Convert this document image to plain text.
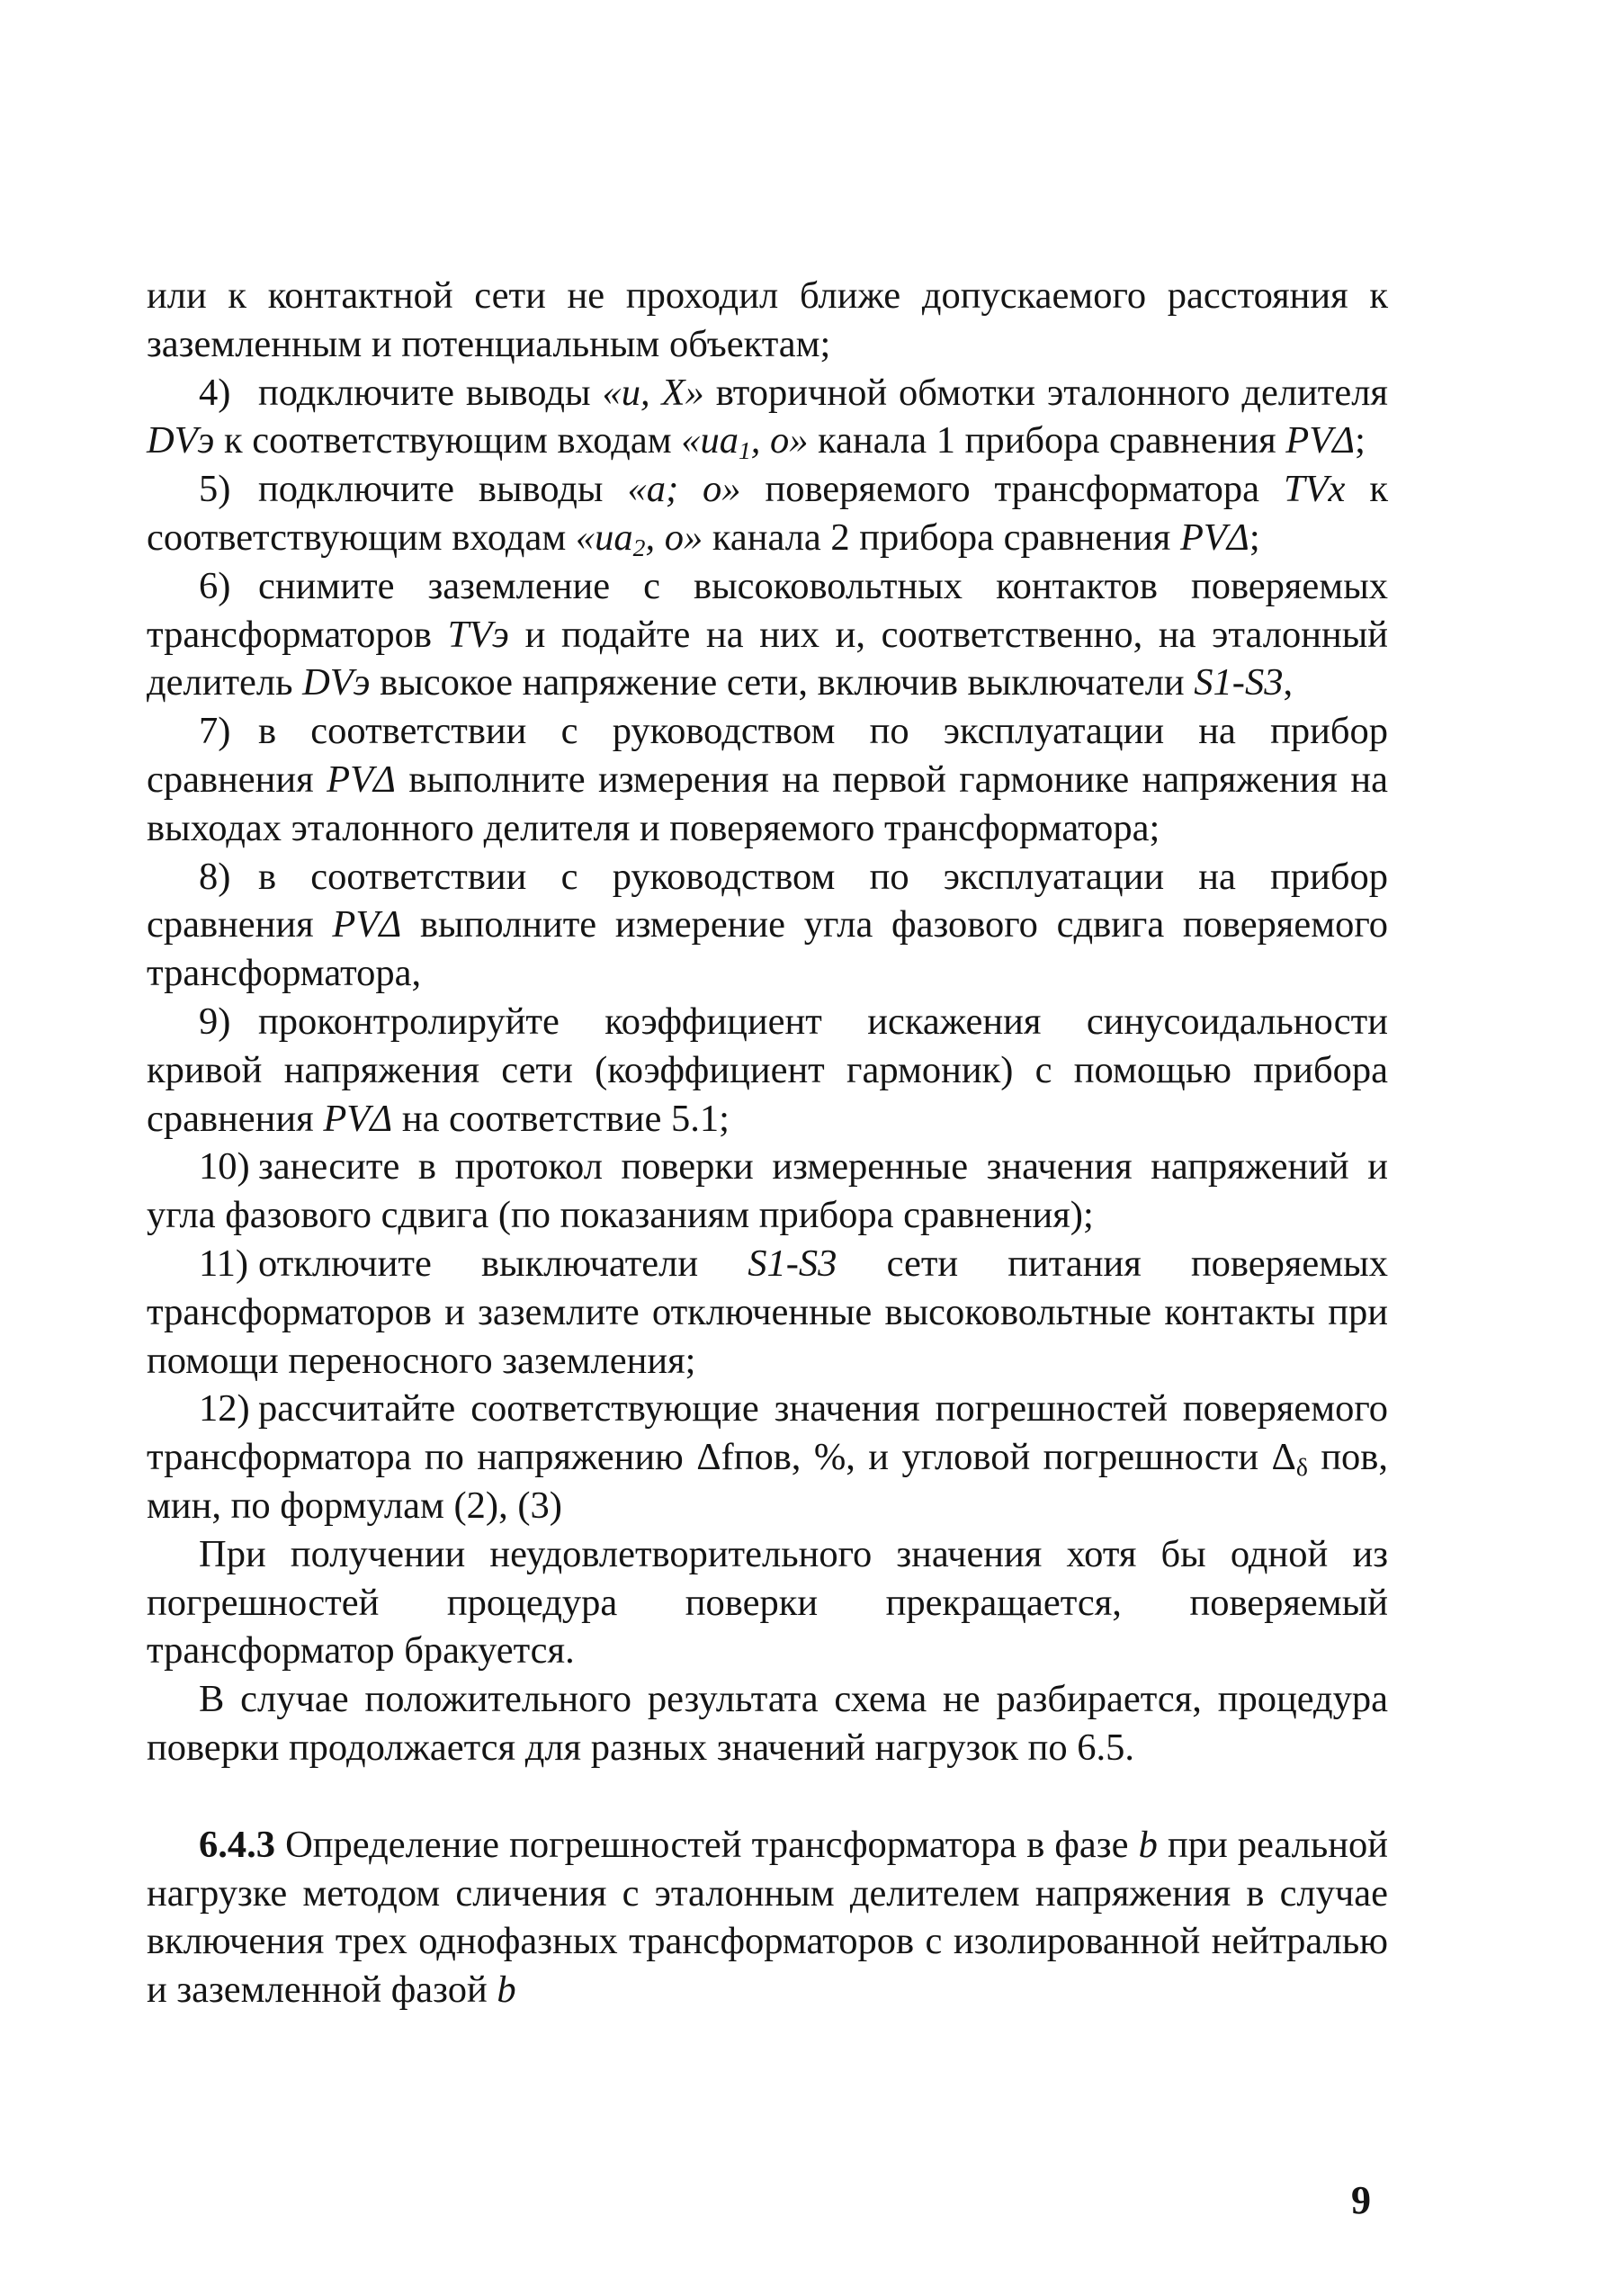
или к контактной сети не проходил ближе допускаемого расстояния к заземленным и потенциальным объектам;

4) подключите выводы «u, X» вторичной обмотки эталонного делителя DVэ к соответствующим входам «$ua_1$, o» канала 1 прибора сравнения PVΔ;

5) подключите выводы «a; o» поверяемого трансформатора TVx к соответствующим входам «$ua_2$, o» канала 2 прибора сравнения PVΔ;

6) снимите заземление с высоковольтных контактов поверяемых трансформаторов TVэ и подайте на них и, соответственно, на эталонный делитель DVэ высокое напряжение сети, включив выключатели S1-S3,

7) в соответствии с руководством по эксплуатации на прибор сравнения PVΔ выполните измерения на первой гармонике напряжения на выходах эталонного делителя и поверяемого трансформатора;

8) в соответствии с руководством по эксплуатации на прибор сравнения PVΔ выполните измерение угла фазового сдвига поверяемого трансформатора,

9) проконтролируйте коэффициент искажения синусоидальности кривой напряжения сети (коэффициент гармоник) с помощью прибора сравнения PVΔ на соответствие 5.1;

10) занесите в протокол поверки измеренные значения напряжений и угла фазового сдвига (по показаниям прибора сравнения);

11) отключите выключатели S1-S3 сети питания поверяемых трансформаторов и заземлите отключенные высоковольтные контакты при помощи переносного заземления;

12) рассчитайте соответствующие значения погрешностей поверяемого трансформатора по напряжению Δfпов, %, и угловой погрешности $\Delta_\delta$ пов, мин, по формулам (2), (3)

При получении неудовлетворительного значения хотя бы одной из погрешностей процедура поверки прекращается, поверяемый трансформатор бракуется.

В случае положительного результата схема не разбирается, процедура поверки продолжается для разных значений нагрузок по 6.5.

6.4.3 Определение погрешностей трансформатора в фазе b при реальной нагрузке методом сличения с эталонным делителем напряжения в случае включения трех однофазных трансформаторов с изолированной нейтралью и заземленной фазой b

9
